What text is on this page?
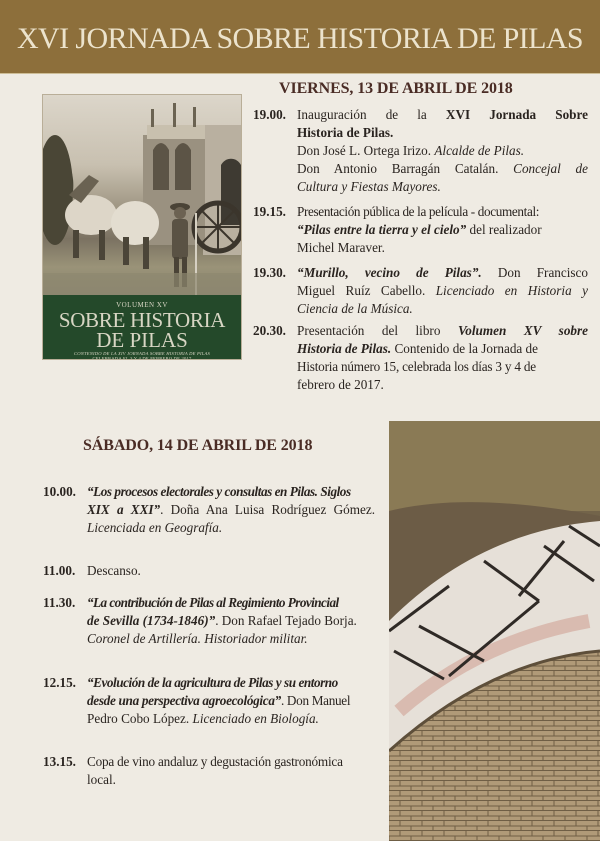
XVI JORNADA SOBRE HISTORIA DE PILAS
VOLUMEN XV
SOBRE HISTORIA
DE PILAS
CONTENIDO DE LA XIV JORNADA SOBRE HISTORIA DE PILAS
CELEBRADA EL 3 Y 4 DE FEBRERO DE 2017
VIERNES, 13 DE ABRIL DE 2018
19.00. Inauguración de la XVI Jornada Sobre
Historia de Pilas.
Don José L. Ortega Irizo. Alcalde de Pilas.
Don Antonio Barragán Catalán. Concejal de
Cultura y Fiestas Mayores.
19.15. Presentación pública de la película - documental:
“Pilas entre la tierra y el cielo” del realizador
Michel Maraver.
19.30. “Murillo, vecino de Pilas”. Don Francisco
Miguel Ruíz Cabello. Licenciado en Historia y
Ciencia de la Música.
20.30. Presentación del libro Volumen XV sobre
Historia de Pilas. Contenido de la Jornada de
Historia número 15, celebrada los días 3 y 4 de
febrero de 2017.
SÁBADO, 14 DE ABRIL DE 2018
10.00. “Los procesos electorales y consultas en Pilas. Siglos
XIX a XXI”. Doña Ana Luisa Rodríguez Gómez.
Licenciada en Geografía.
11.00. Descanso.
11.30. “La contribución de Pilas al Regimiento Provincial
de Sevilla (1734-1846)”. Don Rafael Tejado Borja.
Coronel de Artillería. Historiador militar.
12.15. “Evolución de la agricultura de Pilas y su entorno
desde una perspectiva agroecológica”. Don Manuel
Pedro Cobo López. Licenciado en Biología.
13.15. Copa de vino andaluz y degustación gastronómica
local.
